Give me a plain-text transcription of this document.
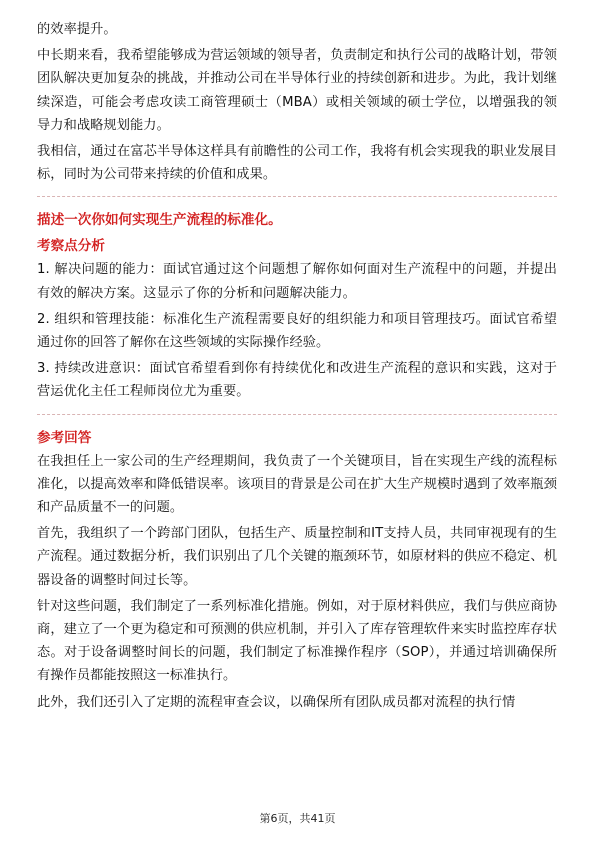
的效率提升。

中长期来看，我希望能够成为营运领域的领导者，负责制定和执行公司的战略计划，带领团队解决更加复杂的挑战，并推动公司在半导体行业的持续创新和进步。为此，我计划继续深造，可能会考虑攻读工商管理硕士（MBA）或相关领域的硕士学位，以增强我的领导力和战略规划能力。

我相信，通过在富芯半导体这样具有前瞻性的公司工作，我将有机会实现我的职业发展目标，同时为公司带来持续的价值和成果。

描述一次你如何实现生产流程的标准化。

考察点分析

1. 解决问题的能力：面试官通过这个问题想了解你如何面对生产流程中的问题，并提出有效的解决方案。这显示了你的分析和问题解决能力。

2. 组织和管理技能：标准化生产流程需要良好的组织能力和项目管理技巧。面试官希望通过你的回答了解你在这些领域的实际操作经验。

3. 持续改进意识：面试官希望看到你有持续优化和改进生产流程的意识和实践，这对于营运优化主任工程师岗位尤为重要。

参考回答

在我担任上一家公司的生产经理期间，我负责了一个关键项目，旨在实现生产线的流程标准化，以提高效率和降低错误率。该项目的背景是公司在扩大生产规模时遇到了效率瓶颈和产品质量不一的问题。

首先，我组织了一个跨部门团队，包括生产、质量控制和IT支持人员，共同审视现有的生产流程。通过数据分析，我们识别出了几个关键的瓶颈环节，如原材料的供应不稳定、机器设备的调整时间过长等。

针对这些问题，我们制定了一系列标准化措施。例如，对于原材料供应，我们与供应商协商，建立了一个更为稳定和可预测的供应机制，并引入了库存管理软件来实时监控库存状态。对于设备调整时间长的问题，我们制定了标准操作程序（SOP），并通过培训确保所有操作员都能按照这一标准执行。

此外，我们还引入了定期的流程审查会议，以确保所有团队成员都对流程的执行情

第6页，共41页
